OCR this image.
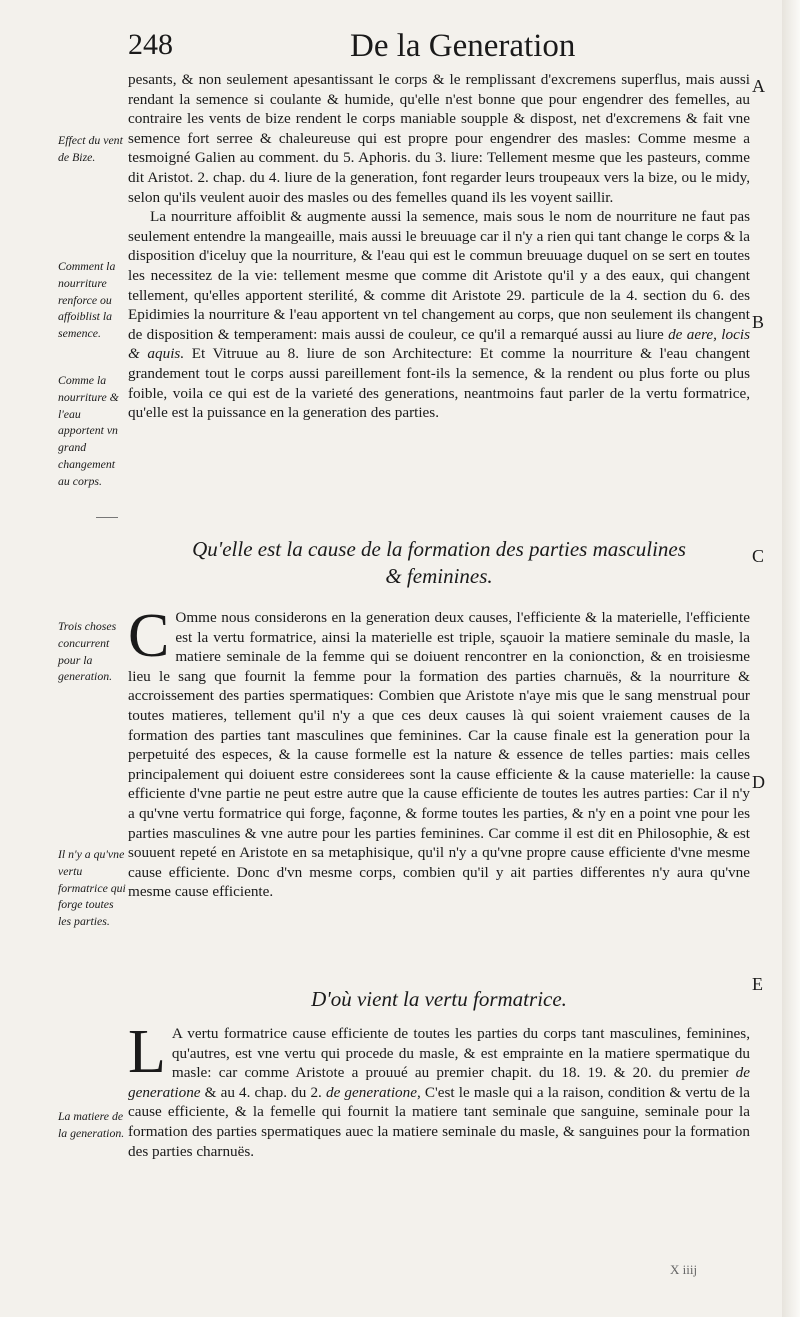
248	De la Generation
A
B
C
D
E
Effect du vent de Bize.
Comment la nourriture renforce ou affoiblist la semence.
Comme la nourriture & l'eau apportent vn grand changement au corps.
Trois choses concurrent pour la generation.
Il n'y a qu'vne vertu formatrice qui forge toutes les parties.
La matiere de la generation.

pesants, & non seulement apesantissant le corps & le remplissant d'excremens superflus, mais aussi rendant la semence si coulante & humide, qu'elle n'est bonne que pour engendrer des femelles, au contraire les vents de bize rendent le corps maniable soupple & dispost, net d'excremens & fait vne semence fort serree & chaleureuse qui est propre pour engendrer des masles: Comme mesme a tesmoigné Galien au comment. du 5. Aphoris. du 3. liure: Tellement mesme que les pasteurs, comme dit Aristot. 2. chap. du 4. liure de la generation, font regarder leurs troupeaux vers la bize, ou le midy, selon qu'ils veulent auoir des masles ou des femelles quand ils les voyent saillir.

La nourriture affoiblit & augmente aussi la semence, mais sous le nom de nourriture ne faut pas seulement entendre la mangeaille, mais aussi le breuuage car il n'y a rien qui tant change le corps & la disposition d'iceluy que la nourriture, & l'eau qui est le commun breuuage duquel on se sert en toutes les necessitez de la vie: tellement mesme que comme dit Aristote qu'il y a des eaux, qui changent tellement, qu'elles apportent sterilité, & comme dit Aristote 29. particule de la 4. section du 6. des Epidimies la nourriture & l'eau apportent vn tel changement au corps, que non seulement ils changent de disposition & temperament: mais aussi de couleur, ce qu'il a remarqué aussi au liure de aere, locis & aquis. Et Vitruue au 8. liure de son Architecture: Et comme la nourriture & l'eau changent grandement tout le corps aussi pareillement font-ils la semence, & la rendent ou plus forte ou plus foible, voila ce qui est de la varieté des generations, neantmoins faut parler de la vertu formatrice, qu'elle est la puissance en la generation des parties.

Qu'elle est la cause de la formation des parties masculines
& feminines.

C Omme nous considerons en la generation deux causes, l'efficiente & la materielle, l'efficiente est la vertu formatrice, ainsi la materielle est triple, sçauoir la matiere seminale du masle, la matiere seminale de la femme qui se doiuent rencontrer en la conionction, & en troisiesme lieu le sang que fournit la femme pour la formation des parties charnuës, & la nourriture & accroissement des parties spermatiques: Combien que Aristote n'aye mis que le sang menstrual pour toutes matieres, tellement qu'il n'y a que ces deux causes là qui soient vraiement causes de la formation des parties tant masculines que feminines. Car la cause finale est la generation pour la perpetuité des especes, & la cause formelle est la nature & essence de telles parties: mais celles principalement qui doiuent estre considerees sont la cause efficiente & la cause materielle: la cause efficiente d'vne partie ne peut estre autre que la cause efficiente de toutes les autres parties: Car il n'y a qu'vne vertu formatrice qui forge, façonne, & forme toutes les parties, & n'y en a point vne pour les parties masculines & vne autre pour les parties feminines. Car comme il est dit en Philosophie, & est souuent repeté en Aristote en sa metaphisique, qu'il n'y a qu'vne propre cause efficiente d'vne mesme cause efficiente. Donc d'vn mesme corps, combien qu'il y ait parties differentes n'y aura qu'vne mesme cause efficiente.

D'où vient la vertu formatrice.

L A vertu formatrice cause efficiente de toutes les parties du corps tant masculines, feminines, qu'autres, est vne vertu qui procede du masle, & est emprainte en la matiere spermatique du masle: car comme Aristote a prouué au premier chapit. du 18. 19. & 20. du premier de generatione & au 4. chap. du 2. de generatione, C'est le masle qui a la raison, condition & vertu de la cause efficiente, & la femelle qui fournit la matiere tant seminale que sanguine, seminale pour la formation des parties spermatiques auec la matiere seminale du masle, & sanguines pour la formation des parties charnuës.

X iiij
